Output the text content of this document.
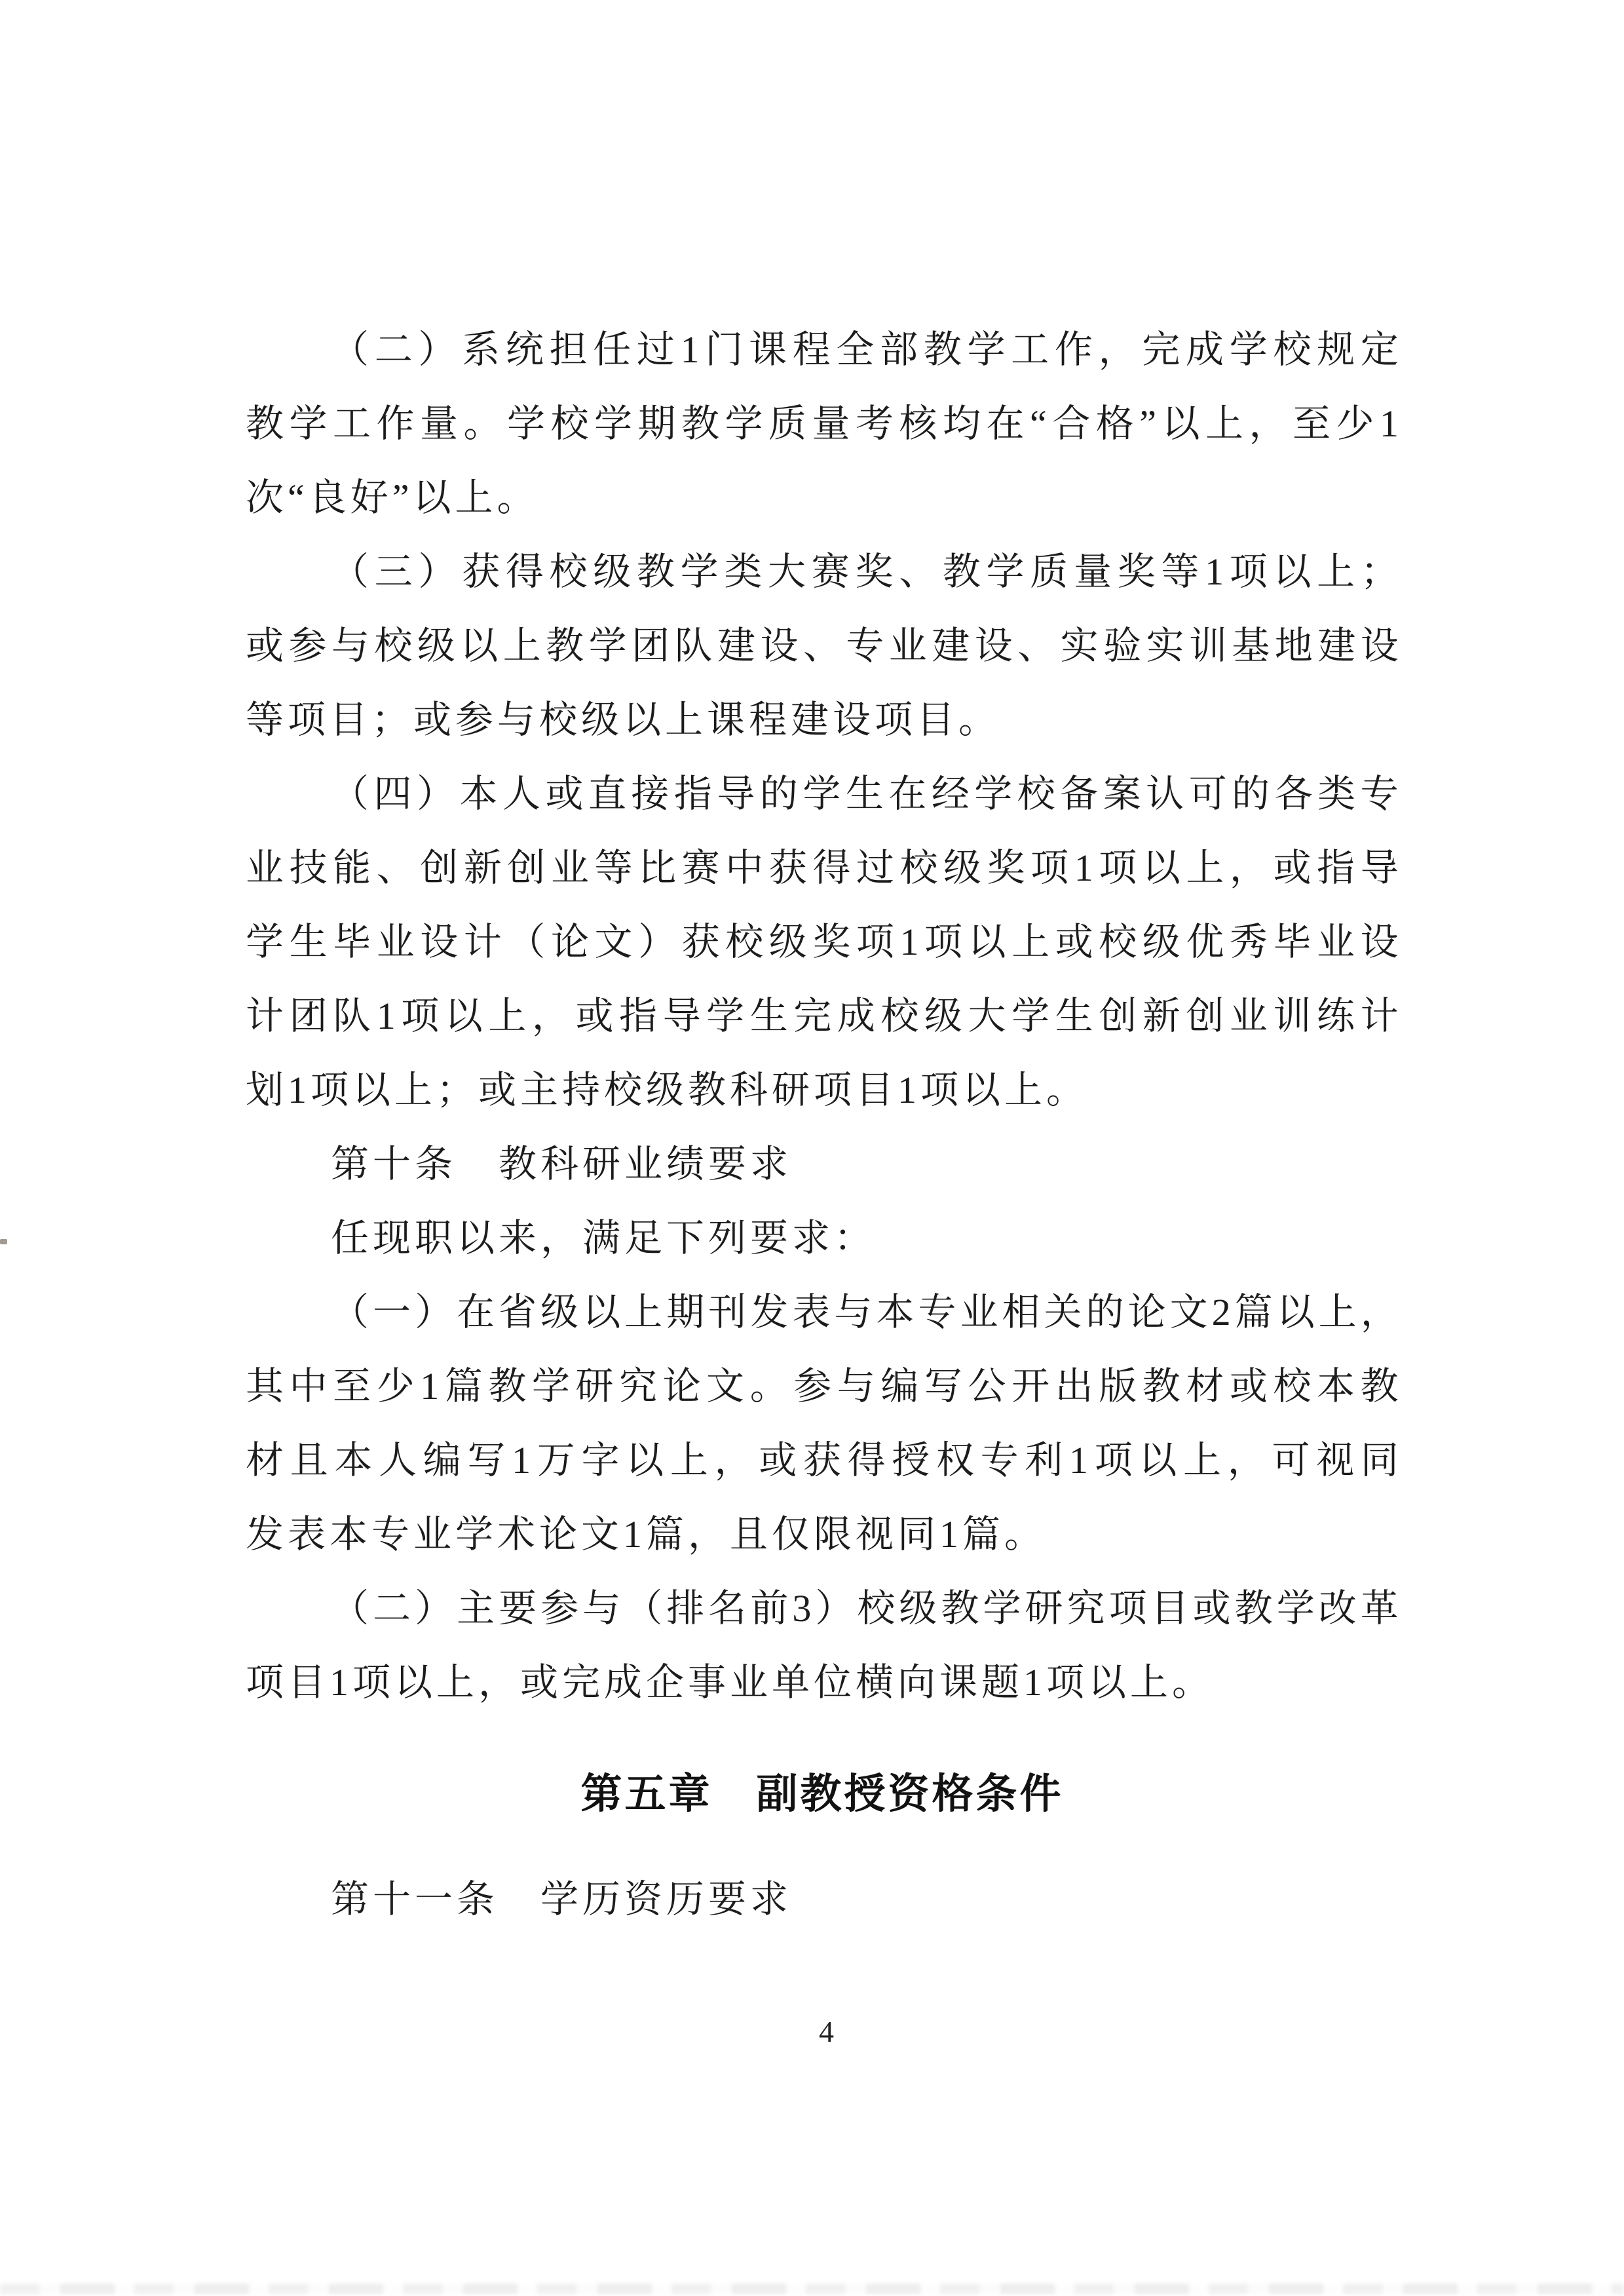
（ 二 ） 系 统 担 任 过 1 门 课 程 全 部 教 学 工 作 ， 完 成 学 校 规 定
教 学 工 作 量 。 学 校 学 期 教 学 质 量 考 核 均 在 “ 合 格 ” 以 上 ， 至 少 1
次“良好”以上。
（ 三 ） 获 得 校 级 教 学 类 大 赛 奖 、 教 学 质 量 奖 等 1 项 以 上 ；
或 参 与 校 级 以 上 教 学 团 队 建 设 、 专 业 建 设 、 实 验 实 训 基 地 建 设
等项目；或参与校级以上课程建设项目。
（ 四 ） 本 人 或 直 接 指 导 的 学 生 在 经 学 校 备 案 认 可 的 各 类 专
业 技 能 、 创 新 创 业 等 比 赛 中 获 得 过 校 级 奖 项 1 项 以 上 ， 或 指 导
学 生 毕 业 设 计 （ 论 文 ） 获 校 级 奖 项 1 项 以 上 或 校 级 优 秀 毕 业 设
计 团 队 1 项 以 上 ， 或 指 导 学 生 完 成 校 级 大 学 生 创 新 创 业 训 练 计
划1项以上；或主持校级教科研项目1项以上。
第十条　教科研业绩要求
任现职以来，满足下列要求：
（ 一 ） 在 省 级 以 上 期 刊 发 表 与 本 专 业 相 关 的 论 文 2 篇 以 上 ，
其 中 至 少 1 篇 教 学 研 究 论 文 。 参 与 编 写 公 开 出 版 教 材 或 校 本 教
材 且 本 人 编 写 1 万 字 以 上 ， 或 获 得 授 权 专 利 1 项 以 上 ， 可 视 同
发表本专业学术论文1篇，且仅限视同1篇。
（ 二 ） 主 要 参 与 （ 排 名 前 3 ） 校 级 教 学 研 究 项 目 或 教 学 改 革
项目1项以上，或完成企事业单位横向课题1项以上。
第五章　副教授资格条件
第十一条　学历资历要求
4
